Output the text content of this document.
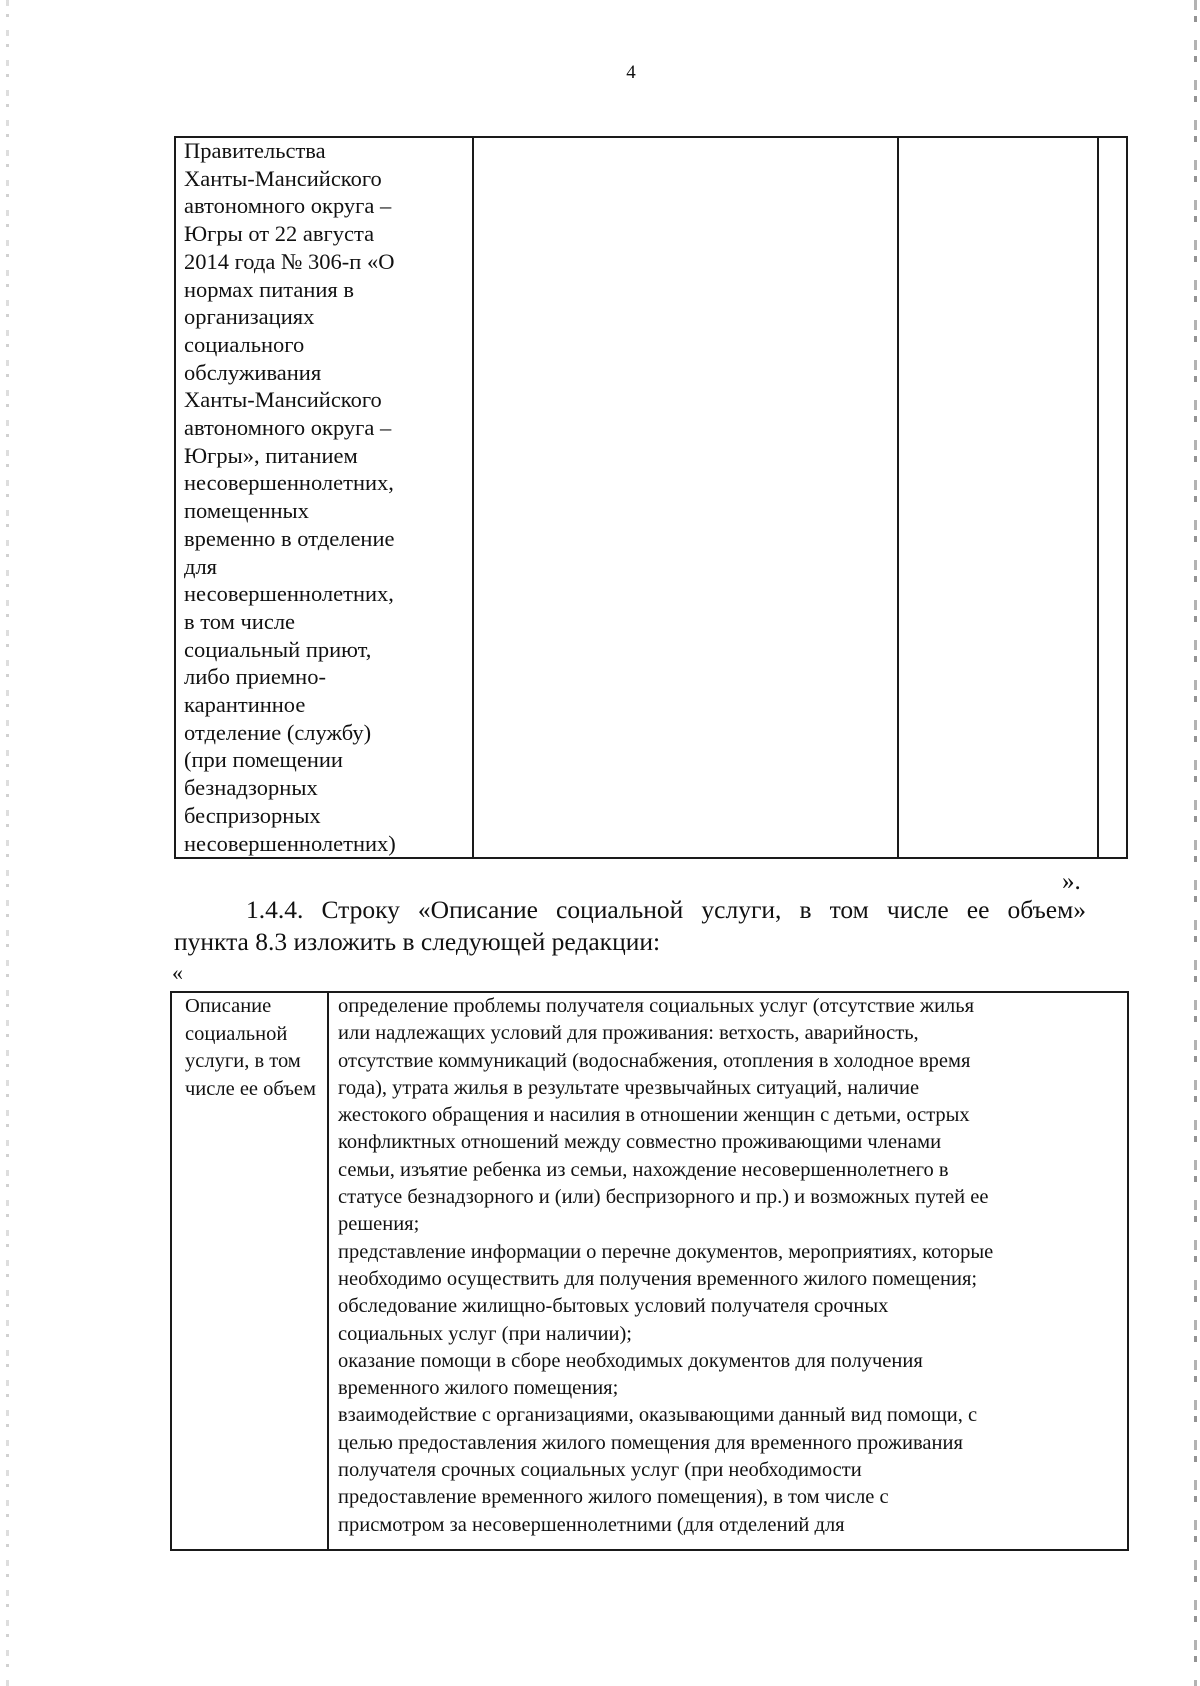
4
Правительства
Ханты-Мансийского
автономного округа –
Югры от 22 августа
2014 года № 306-п «О
нормах питания в
организациях
социального
обслуживания
Ханты-Мансийского
автономного округа –
Югры», питанием
несовершеннолетних,
помещенных
временно в отделение
для
несовершеннолетних,
в том числе
социальный приют,
либо приемно-
карантинное
отделение (службу)
(при помещении
безнадзорных
беспризорных
несовершеннолетних)
».
1.4.4. Строку «Описание социальной услуги, в том числе ее объем»
пункта 8.3 изложить в следующей редакции:
«
Описание социальной услуги, в том числе ее объем
определение проблемы получателя социальных услуг (отсутствие жилья
или надлежащих условий для проживания: ветхость, аварийность,
отсутствие коммуникаций (водоснабжения, отопления в холодное время
года), утрата жилья в результате чрезвычайных ситуаций, наличие
жестокого обращения и насилия в отношении женщин с детьми, острых
конфликтных отношений между совместно проживающими членами
семьи, изъятие ребенка из семьи, нахождение несовершеннолетнего в
статусе безнадзорного и (или) беспризорного и пр.) и возможных путей ее
решения;
представление информации о перечне документов, мероприятиях, которые
необходимо осуществить для получения временного жилого помещения;
обследование жилищно-бытовых условий получателя срочных
социальных услуг (при наличии);
оказание помощи в сборе необходимых документов для получения
временного жилого помещения;
взаимодействие с организациями, оказывающими данный вид помощи, с
целью предоставления жилого помещения для временного проживания
получателя срочных социальных услуг (при необходимости
предоставление временного жилого помещения), в том числе с
присмотром за несовершеннолетними (для отделений для
